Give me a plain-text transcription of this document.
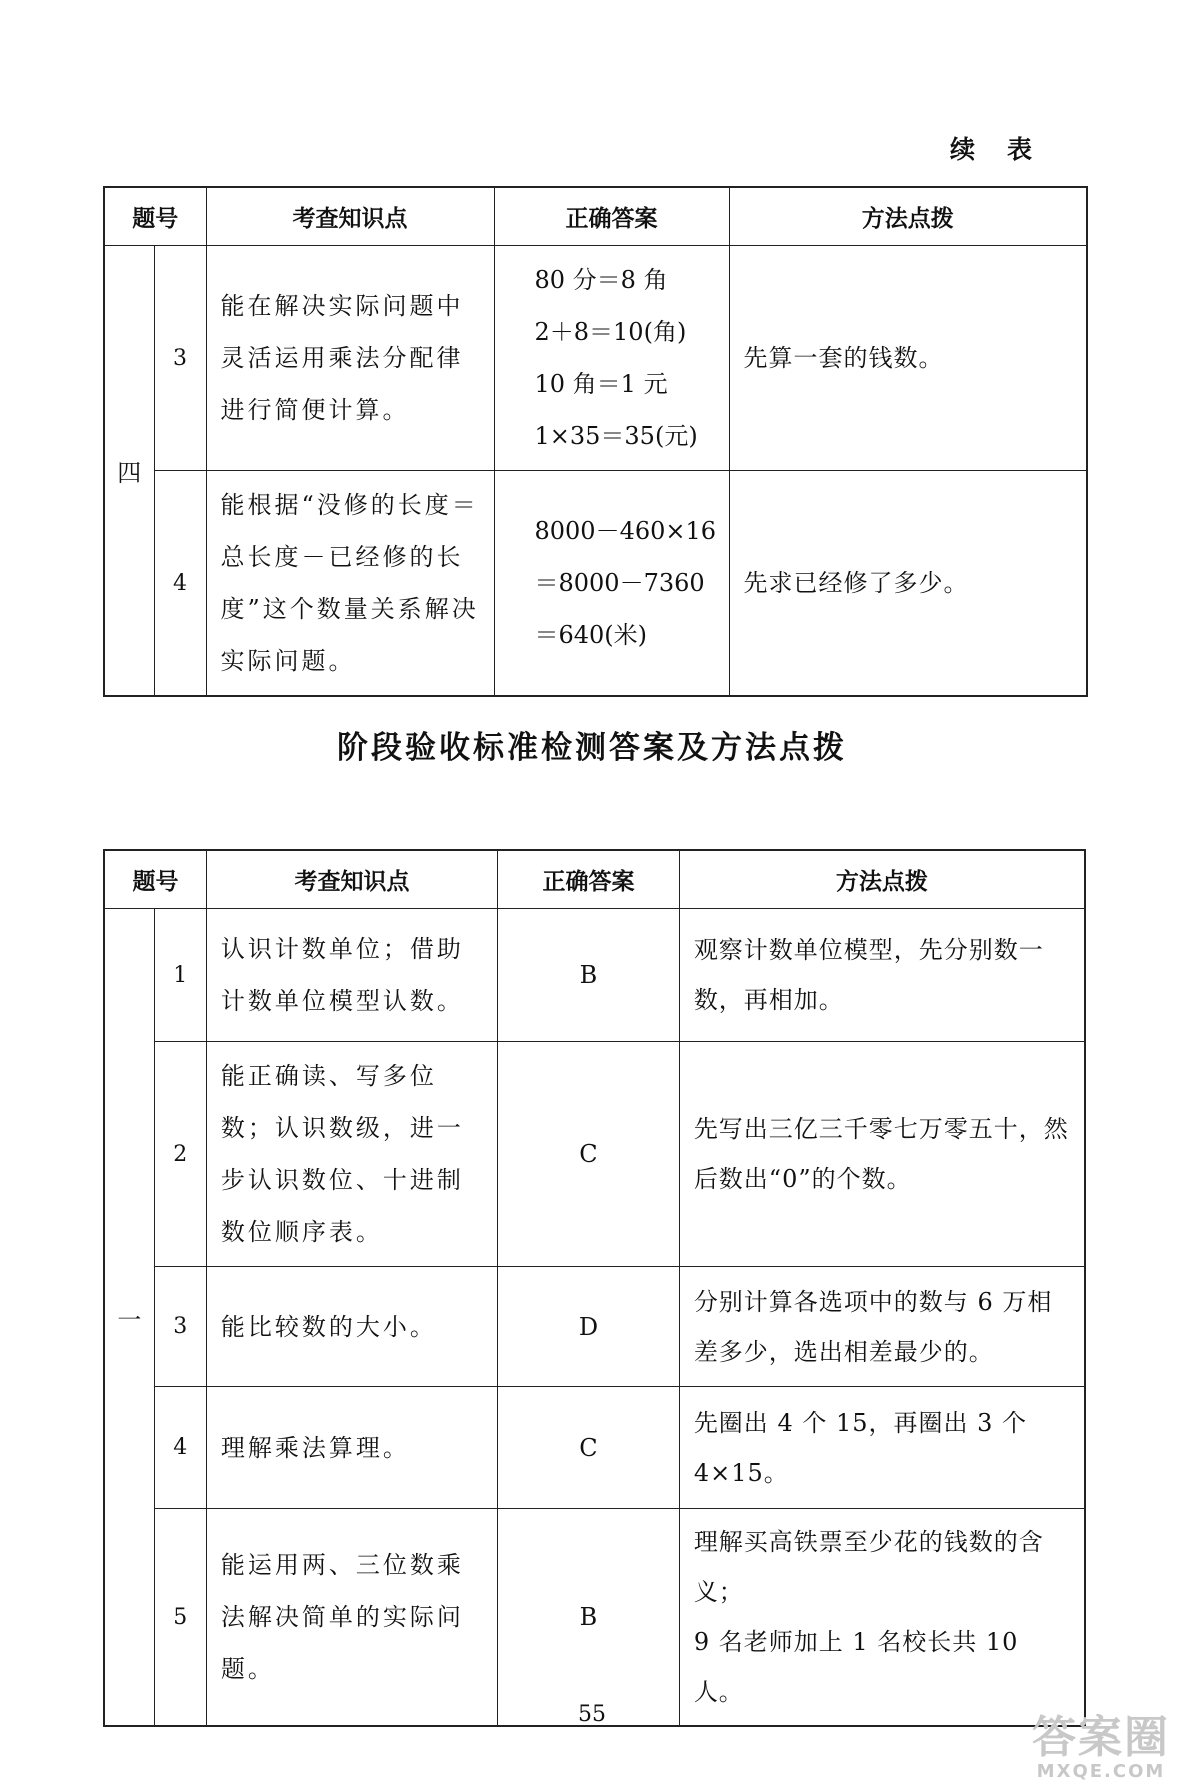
续表
题号		考查知识点	正确答案	方法点拨
四	3	能在解决实际问题中灵活运用乘法分配律进行简便计算。	80 分＝8 角
2＋8＝10(角)
10 角＝1 元
1×35＝35(元)	先算一套的钱数。
	4	能根据“没修的长度＝总长度－已经修的长度”这个数量关系解决实际问题。	8000－460×16
＝8000－7360
＝640(米)	先求已经修了多少。
阶段验收标准检测答案及方法点拨
题号		考查知识点	正确答案	方法点拨
一	1	认识计数单位；借助计数单位模型认数。	B	观察计数单位模型，先分别数一数，再相加。

	2	能正确读、写多位数；认识数级，进一步认识数位、十进制数位顺序表。	C	先写出三亿三千零七万零五十，然后数出“0”的个数。

	3	能比较数的大小。	D	分别计算各选项中的数与 6 万相差多少，选出相差最少的。

	4	理解乘法算理。	C	先圈出 4 个 15，再圈出 3 个 4×15。

	5	能运用两、三位数乘法解决简单的实际问题。	B	理解买高铁票至少花的钱数的含义；
9 名老师加上 1 名校长共 10 人。
55	答案圈
MXQE.COM
